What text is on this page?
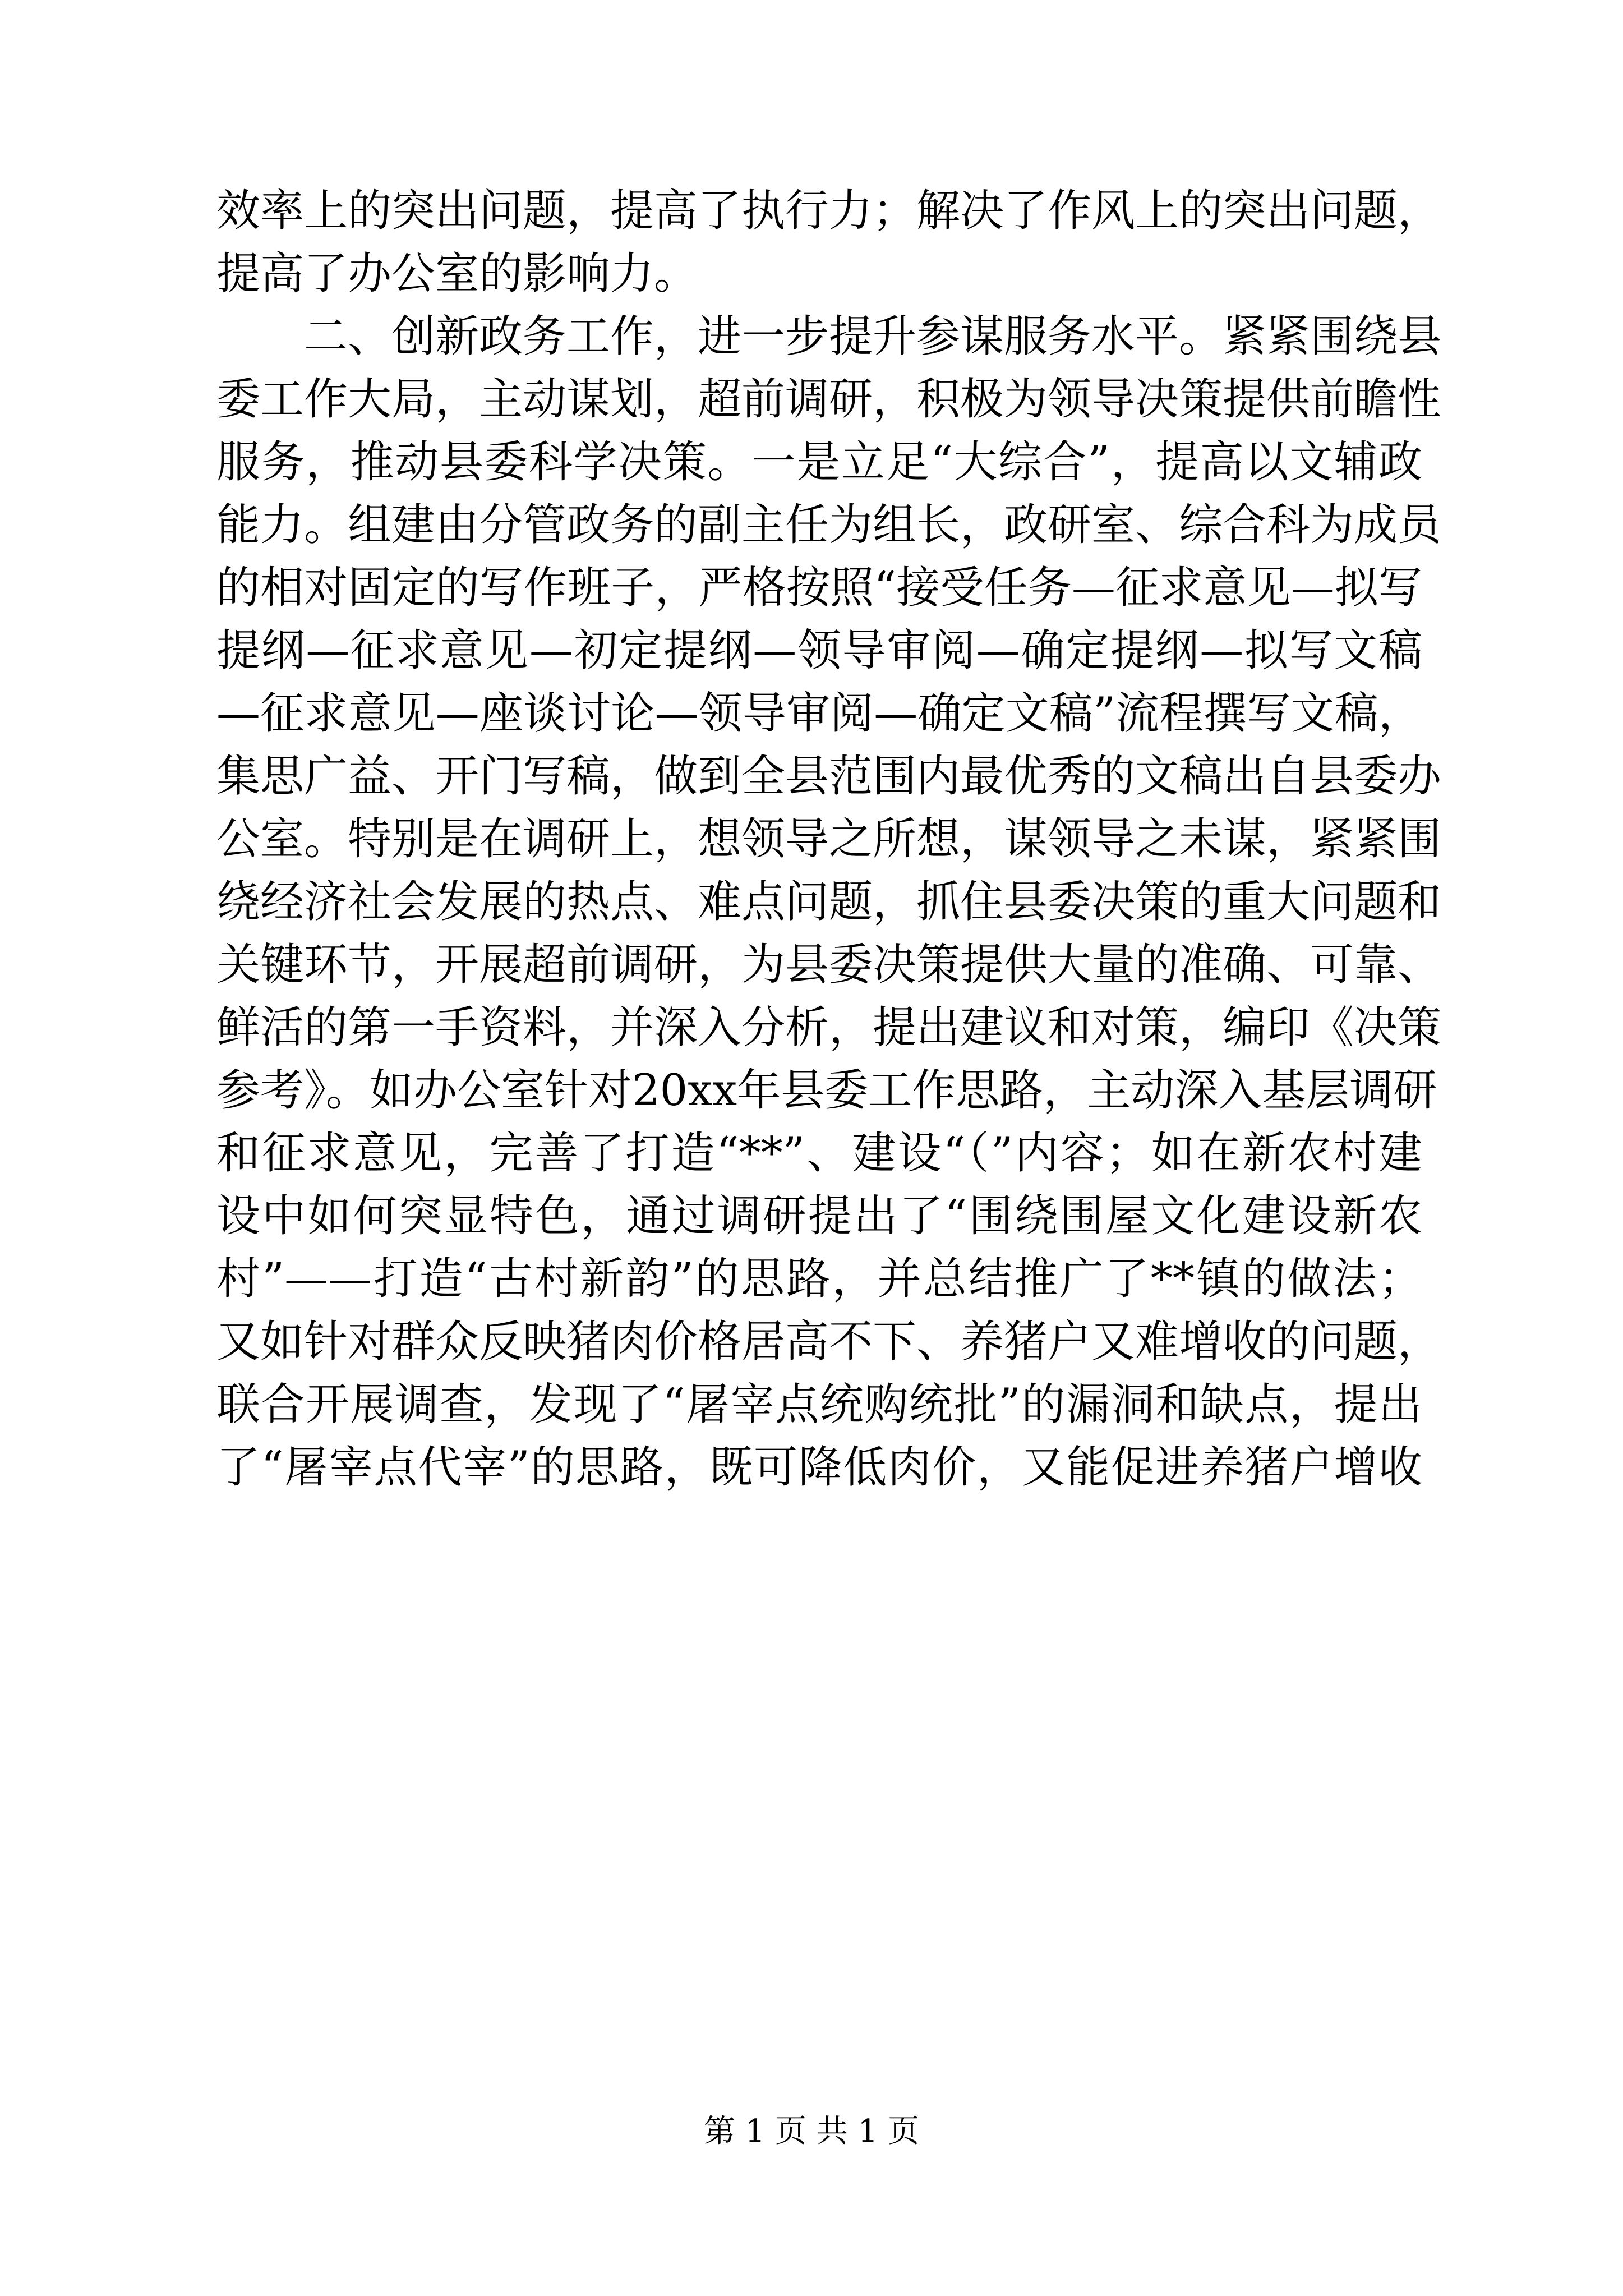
效率上的突出问题，提高了执行力；解决了作风上的突出问题，
提高了办公室的影响力。
二、创新政务工作，进一步提升参谋服务水平。紧紧围绕县
委工作大局，主动谋划，超前调研，积极为领导决策提供前瞻性
服务，推动县委科学决策。一是立足“大综合”，提高以文辅政
能力。组建由分管政务的副主任为组长，政研室、综合科为成员
的相对固定的写作班子，严格按照“接受任务—征求意见—拟写
提纲—征求意见—初定提纲—领导审阅—确定提纲—拟写文稿
—征求意见—座谈讨论—领导审阅—确定文稿”流程撰写文稿，
集思广益、开门写稿，做到全县范围内最优秀的文稿出自县委办
公室。特别是在调研上，想领导之所想，谋领导之未谋，紧紧围
绕经济社会发展的热点、难点问题，抓住县委决策的重大问题和
关键环节，开展超前调研，为县委决策提供大量的准确、可靠、
鲜活的第一手资料，并深入分析，提出建议和对策，编印《决策
参考》。如办公室针对20xx年县委工作思路，主动深入基层调研
和征求意见，完善了打造“**”、建设“（”内容；如在新农村建
设中如何突显特色，通过调研提出了“围绕围屋文化建设新农
村”——打造“古村新韵”的思路，并总结推广了**镇的做法；
又如针对群众反映猪肉价格居高不下、养猪户又难增收的问题，
联合开展调查，发现了“屠宰点统购统批”的漏洞和缺点，提出
了“屠宰点代宰”的思路，既可降低肉价，又能促进养猪户增收
第 1 页 共 1 页
